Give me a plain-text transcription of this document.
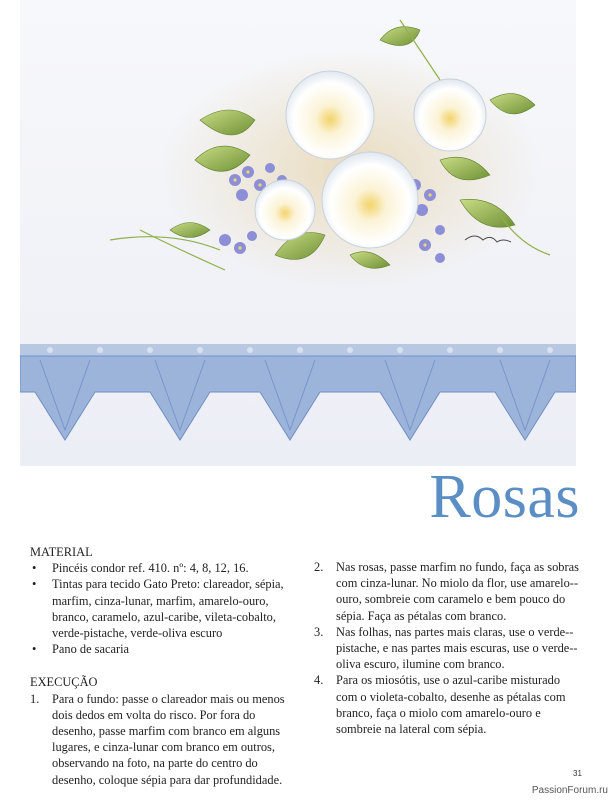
Rosas
MATERIAL
• Pincéis condor ref. 410. nº: 4, 8, 12, 16.
• Tintas para tecido Gato Preto: clareador, sépia, marfim, cinza-lunar, marfim, amarelo-ouro, branco, caramelo, azul-caribe, vileta-cobalto, verde-pistache, verde-oliva escuro
• Pano de sacaria
EXECUÇÃO
1. Para o fundo: passe o clareador mais ou menos dois dedos em volta do risco. Por fora do desenho, passe marfim com branco em alguns lugares, e cinza-lunar com branco em outros, observando na foto, na parte do centro do desenho, coloque sépia para dar profundidade.
2. Nas rosas, passe marfim no fundo, faça as sobras com cinza-lunar. No miolo da flor, use amarelo--ouro, sombreie com caramelo e bem pouco do sépia. Faça as pétalas com branco.
3. Nas folhas, nas partes mais claras, use o verde--pistache, e nas partes mais escuras, use o verde--oliva escuro, ilumine com branco.
4. Para os miosótis, use o azul-caribe misturado com o violeta-cobalto, desenhe as pétalas com branco, faça o miolo com amarelo-ouro e sombreie na lateral com sépia.
31
PassionForum.ru
